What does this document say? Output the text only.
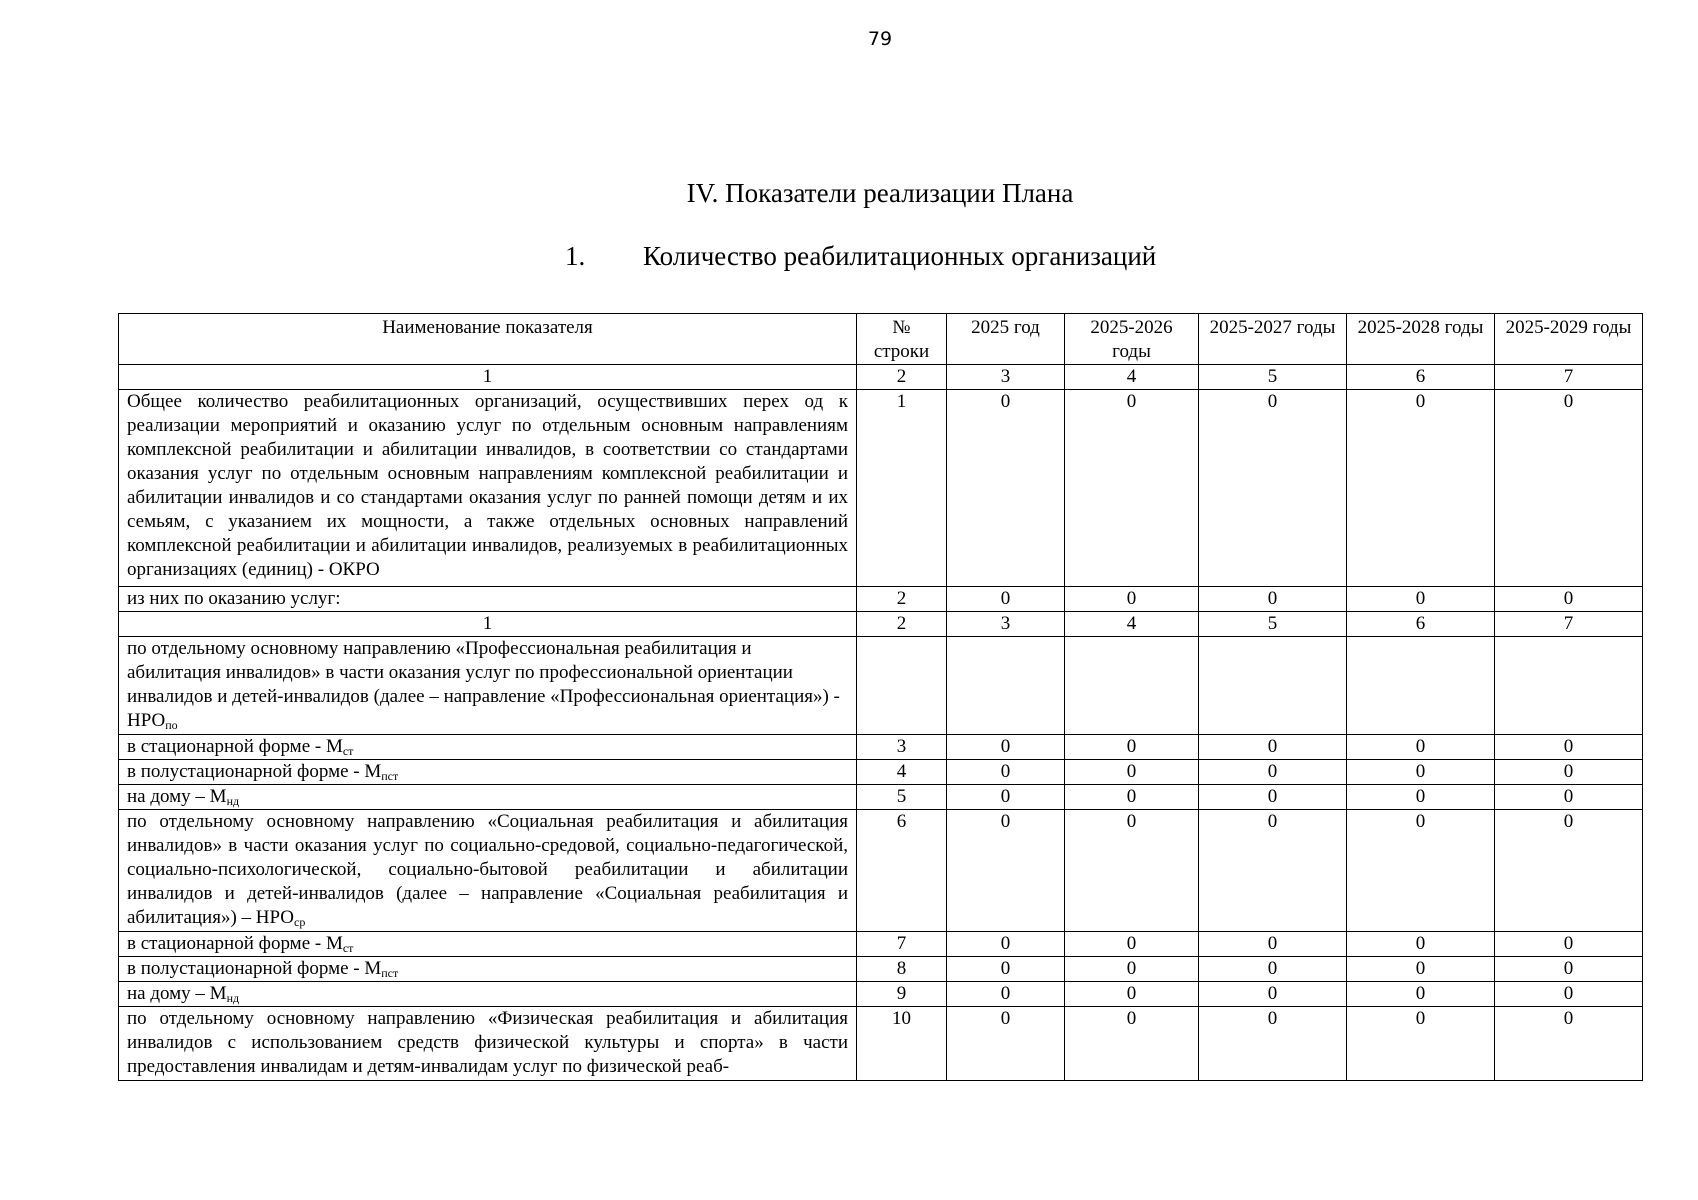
79
IV. Показатели реализации Плана
1. Количество реабилитационных организаций
Наименование показателя	№ строки	2025 год	2025-2026 годы	2025-2027 годы	2025-2028 годы	2025-2029 годы
1	2	3	4	5	6	7
Общее количество реабилитационных организаций, осуществивших перех од к реализации мероприятий и оказанию услуг по отдельным основным направлениям комплексной реабилитации и абилитации инвалидов, в соответствии со стандартами оказания услуг по отдельным основным направлениям комплексной реабилитации и абилитации инвалидов и со стандартами оказания услуг по ранней помощи детям и их семьям, с указанием их мощности, а также отдельных основных направлений комплексной реабилитации и абилитации инвалидов, реализуемых в реабилитационных организациях (единиц) - ОКРО	1	0	0	0	0	0
из них по оказанию услуг:	2	0	0	0	0	0
1	2	3	4	5	6	7
по отдельному основному направлению «Профессиональная реабилитация и абилитация инвалидов» в части оказания услуг по профессиональной ориентации инвалидов и детей-инвалидов (далее – направление «Профессиональная ориентация») - $НРО_{по}$						
в стационарной форме - $М_{ст}$	3	0	0	0	0	0
в полустационарной форме - $М_{пст}$	4	0	0	0	0	0
на дому – $М_{нд}$	5	0	0	0	0	0
по отдельному основному направлению «Социальная реабилитация и абилитация инвалидов» в части оказания услуг по социально-средовой, социально-педагогической, социально-психологической, социально-бытовой реабилитации и абилитации инвалидов и детей-инвалидов (далее – направление «Социальная реабилитация и абилитация») – $НРО_{ср}$	6	0	0	0	0	0
в стационарной форме - $М_{ст}$	7	0	0	0	0	0
в полустационарной форме - $М_{пст}$	8	0	0	0	0	0
на дому – $М_{нд}$	9	0	0	0	0	0
по отдельному основному направлению «Физическая реабилитация и абилитация инвалидов с использованием средств физической культуры и спорта» в части предоставления инвалидам и детям-инвалидам услуг по физической реаб-	10	0	0	0	0	0
